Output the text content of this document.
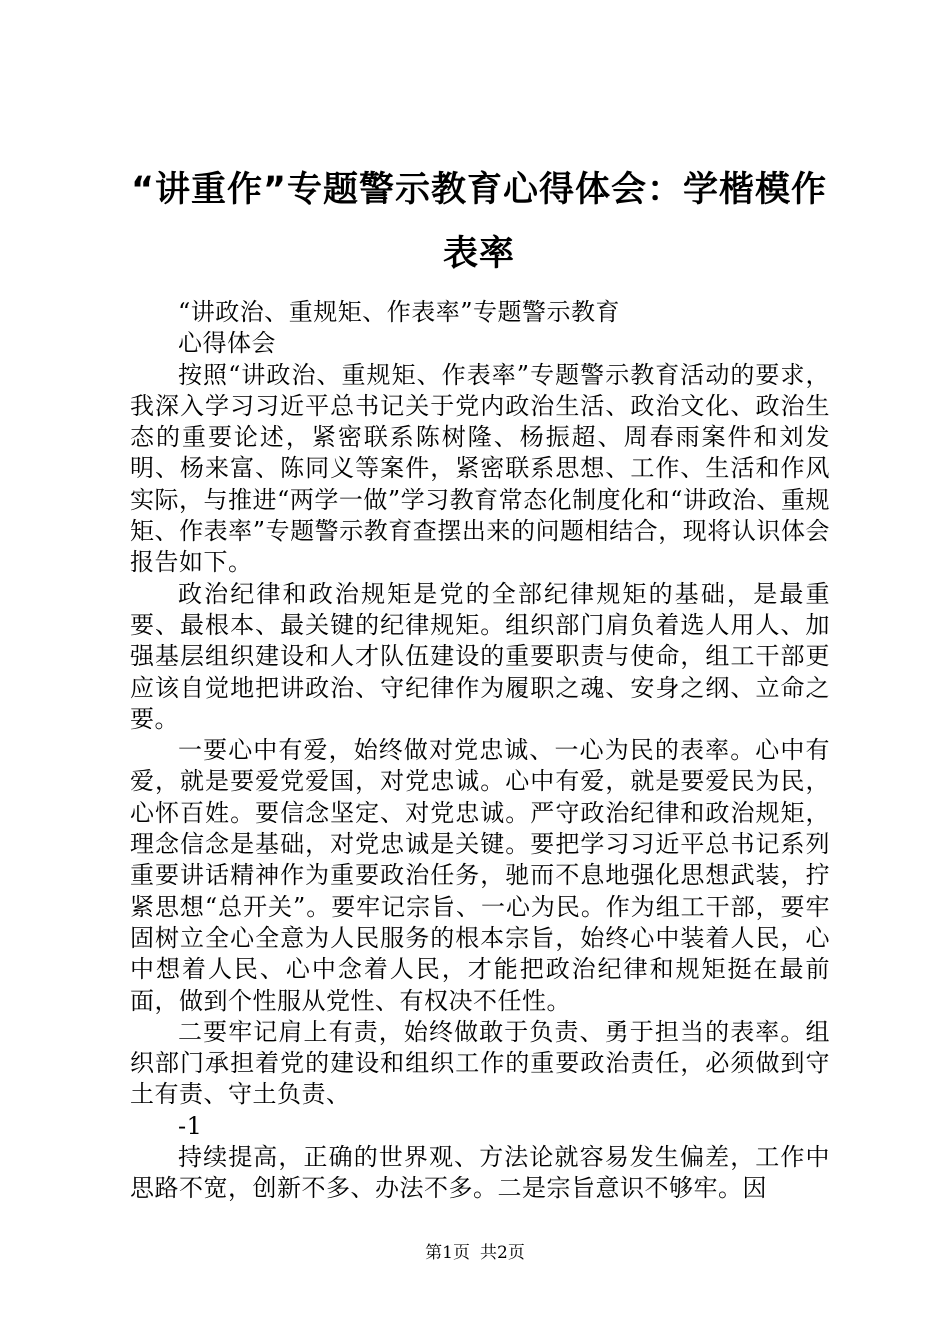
“讲重作”专题警示教育心得体会：学楷模作表率

“讲政治、重规矩、作表率”专题警示教育

心得体会

按照“讲政治、重规矩、作表率”专题警示教育活动的要求，我深入学习习近平总书记关于党内政治生活、政治文化、政治生态的重要论述，紧密联系陈树隆、杨振超、周春雨案件和刘发明、杨来富、陈同义等案件，紧密联系思想、工作、生活和作风实际，与推进“两学一做”学习教育常态化制度化和“讲政治、重规矩、作表率”专题警示教育查摆出来的问题相结合，现将认识体会报告如下。

政治纪律和政治规矩是党的全部纪律规矩的基础，是最重要、最根本、最关键的纪律规矩。组织部门肩负着选人用人、加强基层组织建设和人才队伍建设的重要职责与使命，组工干部更应该自觉地把讲政治、守纪律作为履职之魂、安身之纲、立命之要。

一要心中有爱，始终做对党忠诚、一心为民的表率。心中有爱，就是要爱党爱国，对党忠诚。心中有爱，就是要爱民为民，心怀百姓。要信念坚定、对党忠诚。严守政治纪律和政治规矩，理念信念是基础，对党忠诚是关键。要把学习习近平总书记系列重要讲话精神作为重要政治任务，驰而不息地强化思想武装，拧紧思想“总开关”。要牢记宗旨、一心为民。作为组工干部，要牢固树立全心全意为人民服务的根本宗旨，始终心中装着人民，心中想着人民、心中念着人民，才能把政治纪律和规矩挺在最前面，做到个性服从党性、有权决不任性。

二要牢记肩上有责，始终做敢于负责、勇于担当的表率。组织部门承担着党的建设和组织工作的重要政治责任，必须做到守土有责、守土负责、

-1

持续提高，正确的世界观、方法论就容易发生偏差，工作中思路不宽，创新不多、办法不多。二是宗旨意识不够牢。因

第1页 共2页
